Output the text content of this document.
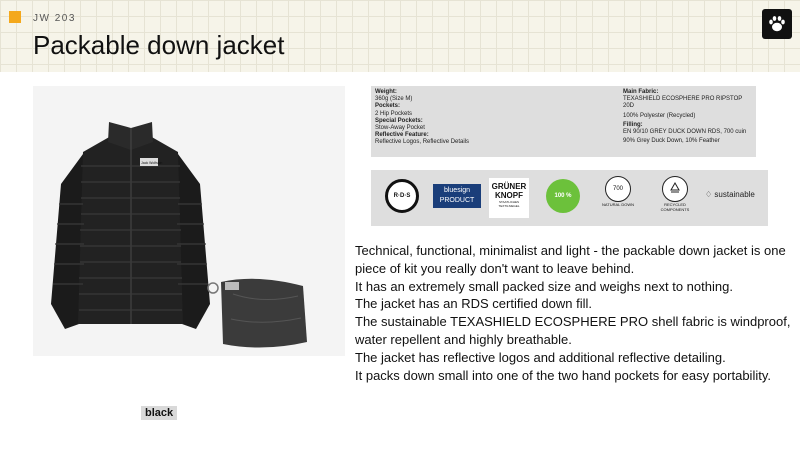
JW 203
Packable down jacket
Jack Wolfskin
black
Weight:
360g (Size M)
Pockets:
2 Hip Pockets
Special Pockets:
Stow-Away Pocket
Reflective Feature:
Reflective Logos, Reflective Details
Main Fabric:
TEXASHIELD ECOSPHERE PRO RIPSTOP 20D
100% Polyester (Recycled)
Filling:
EN 90/10 GREY DUCK DOWN RDS, 700 cuin
90% Grey Duck Down, 10% Feather
R·D·S
bluesign
PRODUCT
GRÜNER
KNOPF
STAATLICHES TEXTILSIEGEL
100 %
700
NATURAL DOWN	RECYCLED COMPONENTS
♢ sustainable

Technical, functional, minimalist and light - the packable down jacket is one piece of kit you really don't want to leave behind.

It has an extremely small packed size and weighs next to nothing.

The jacket has an RDS certified down fill.

The sustainable TEXASHIELD ECOSPHERE PRO shell fabric is windproof, water repellent and highly breathable.

The jacket has reflective logos and additional reflective detailing.

It packs down small into one of the two hand pockets for easy portability.
